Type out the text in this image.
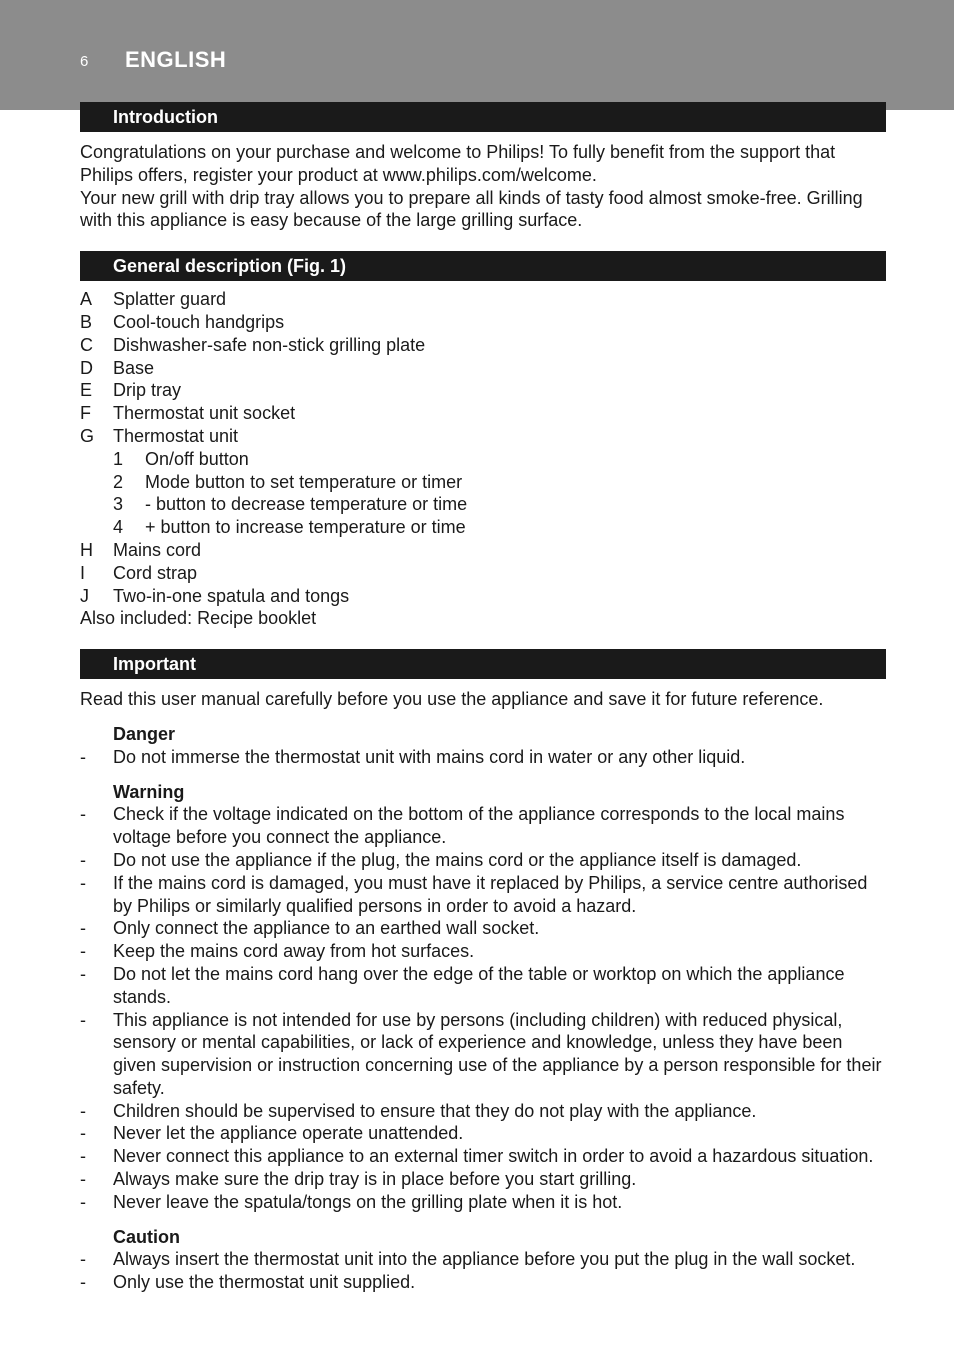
6 ENGLISH
Introduction

Congratulations on your purchase and welcome to Philips! To fully benefit from the support that Philips offers, register your product at www.philips.com/welcome.

Your new grill with drip tray allows you to prepare all kinds of tasty food almost smoke-free. Grilling with this appliance is easy because of the large grilling surface.

General description (Fig. 1)
A	Splatter guard
B	Cool-touch handgrips
C	Dishwasher-safe non-stick grilling plate
D	Base
E	Drip tray
F	Thermostat unit socket
G	Thermostat unit
1	On/off button
2	Mode button to set temperature or timer
3	- button to decrease temperature or time
4	+ button to increase temperature or time
H	Mains cord
I	Cord strap
J	Two-in-one spatula and tongs

Also included: Recipe booklet

Important

Read this user manual carefully before you use the appliance and save it for future reference.

Danger
-	Do not immerse the thermostat unit with mains cord in water or any other liquid.
Warning
-	Check if the voltage indicated on the bottom of the appliance corresponds to the local mains voltage before you connect the appliance.
-	Do not use the appliance if the plug, the mains cord or the appliance itself is damaged.
-	If the mains cord is damaged, you must have it replaced by Philips, a service centre authorised by Philips or similarly qualified persons in order to avoid a hazard.
-	Only connect the appliance to an earthed wall socket.
-	Keep the mains cord away from hot surfaces.
-	Do not let the mains cord hang over the edge of the table or worktop on which the appliance stands.
-	This appliance is not intended for use by persons (including children) with reduced physical, sensory or mental capabilities, or lack of experience and knowledge, unless they have been given supervision or instruction concerning use of the appliance by a person responsible for their safety.
-	Children should be supervised to ensure that they do not play with the appliance.
-	Never let the appliance operate unattended.
-	Never connect this appliance to an external timer switch in order to avoid a hazardous situation.
-	Always make sure the drip tray is in place before you start grilling.
-	Never leave the spatula/tongs on the grilling plate when it is hot.
Caution
-	Always insert the thermostat unit into the appliance before you put the plug in the wall socket.
-	Only use the thermostat unit supplied.
